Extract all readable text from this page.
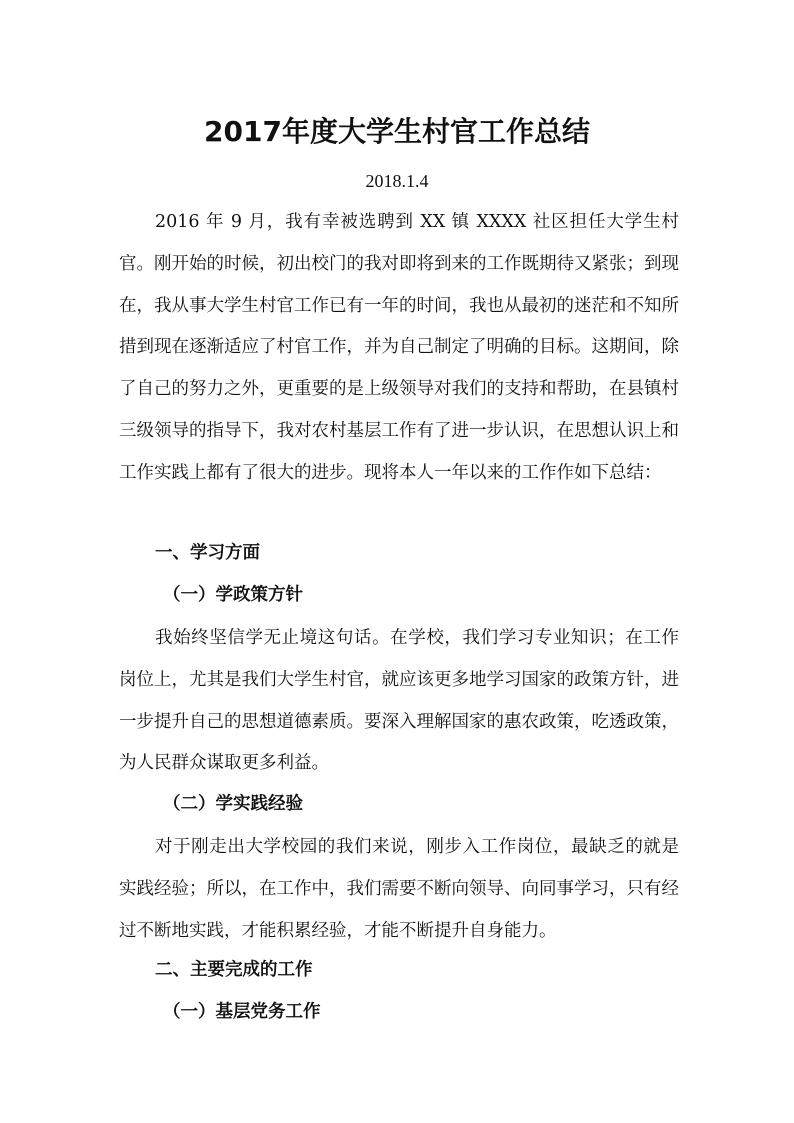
2017年度大学生村官工作总结
2018.1.4
2016 年 9 月，我有幸被选聘到 XX 镇 XXXX 社区担任大学生村官。刚开始的时候，初出校门的我对即将到来的工作既期待又紧张；到现在，我从事大学生村官工作已有一年的时间，我也从最初的迷茫和不知所措到现在逐渐适应了村官工作，并为自己制定了明确的目标。这期间，除了自己的努力之外，更重要的是上级领导对我们的支持和帮助，在县镇村三级领导的指导下，我对农村基层工作有了进一步认识，在思想认识上和工作实践上都有了很大的进步。现将本人一年以来的工作作如下总结：
一、学习方面
（一）学政策方针
我始终坚信学无止境这句话。在学校，我们学习专业知识；在工作岗位上，尤其是我们大学生村官，就应该更多地学习国家的政策方针，进一步提升自己的思想道德素质。要深入理解国家的惠农政策，吃透政策，为人民群众谋取更多利益。
（二）学实践经验
对于刚走出大学校园的我们来说，刚步入工作岗位，最缺乏的就是实践经验；所以，在工作中，我们需要不断向领导、向同事学习，只有经过不断地实践，才能积累经验，才能不断提升自身能力。
二、主要完成的工作
（一）基层党务工作
